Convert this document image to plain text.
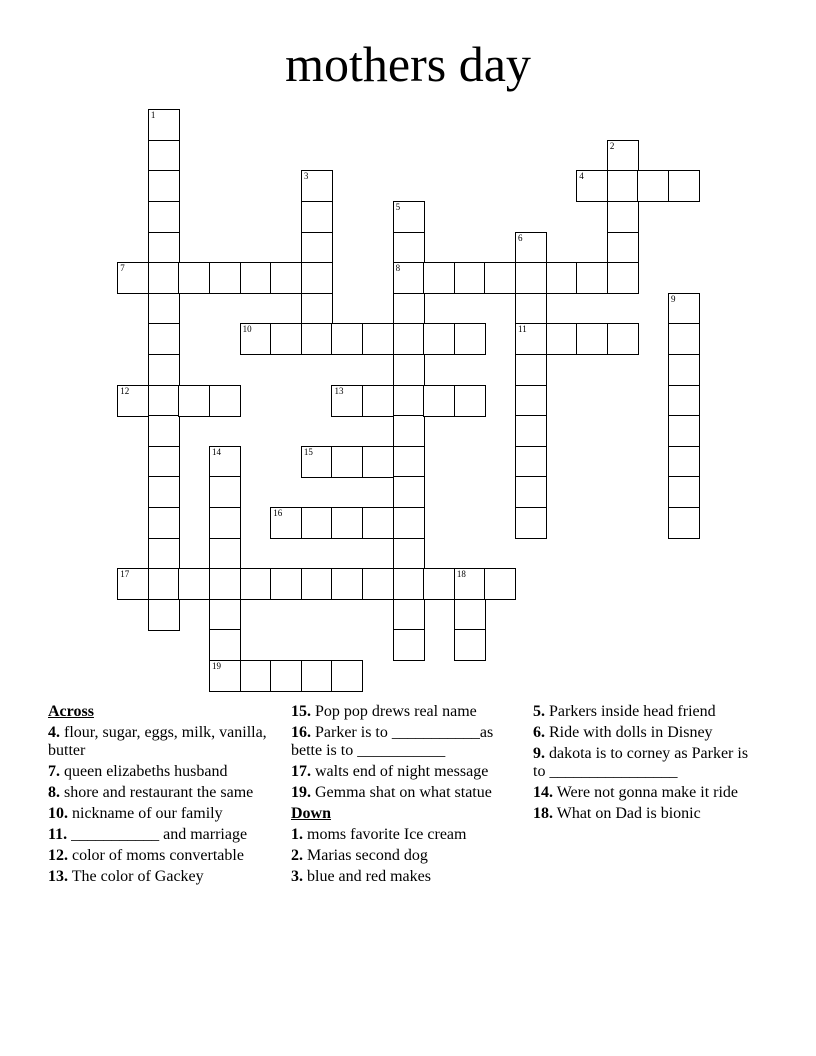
mothers day
1
2
3	4
5
8
6
11
7
9
10
12	13
14
19
15
16
17	18
Across
4. flour, sugar, eggs, milk, vanilla, butter
7. queen elizabeths husband
8. shore and restaurant the same
10. nickname of our family
11. ___________ and marriage
12. color of moms convertable
13. The color of Gackey
15. Pop pop drews real name
16. Parker is to ___________as bette is to ___________
17. walts end of night message
19. Gemma shat on what statue
Down
1. moms favorite Ice cream
2. Marias second dog
3. blue and red makes
5. Parkers inside head friend
6. Ride with dolls in Disney
9. dakota is to corney as Parker is to ________________
14. Were not gonna make it ride
18. What on Dad is bionic
